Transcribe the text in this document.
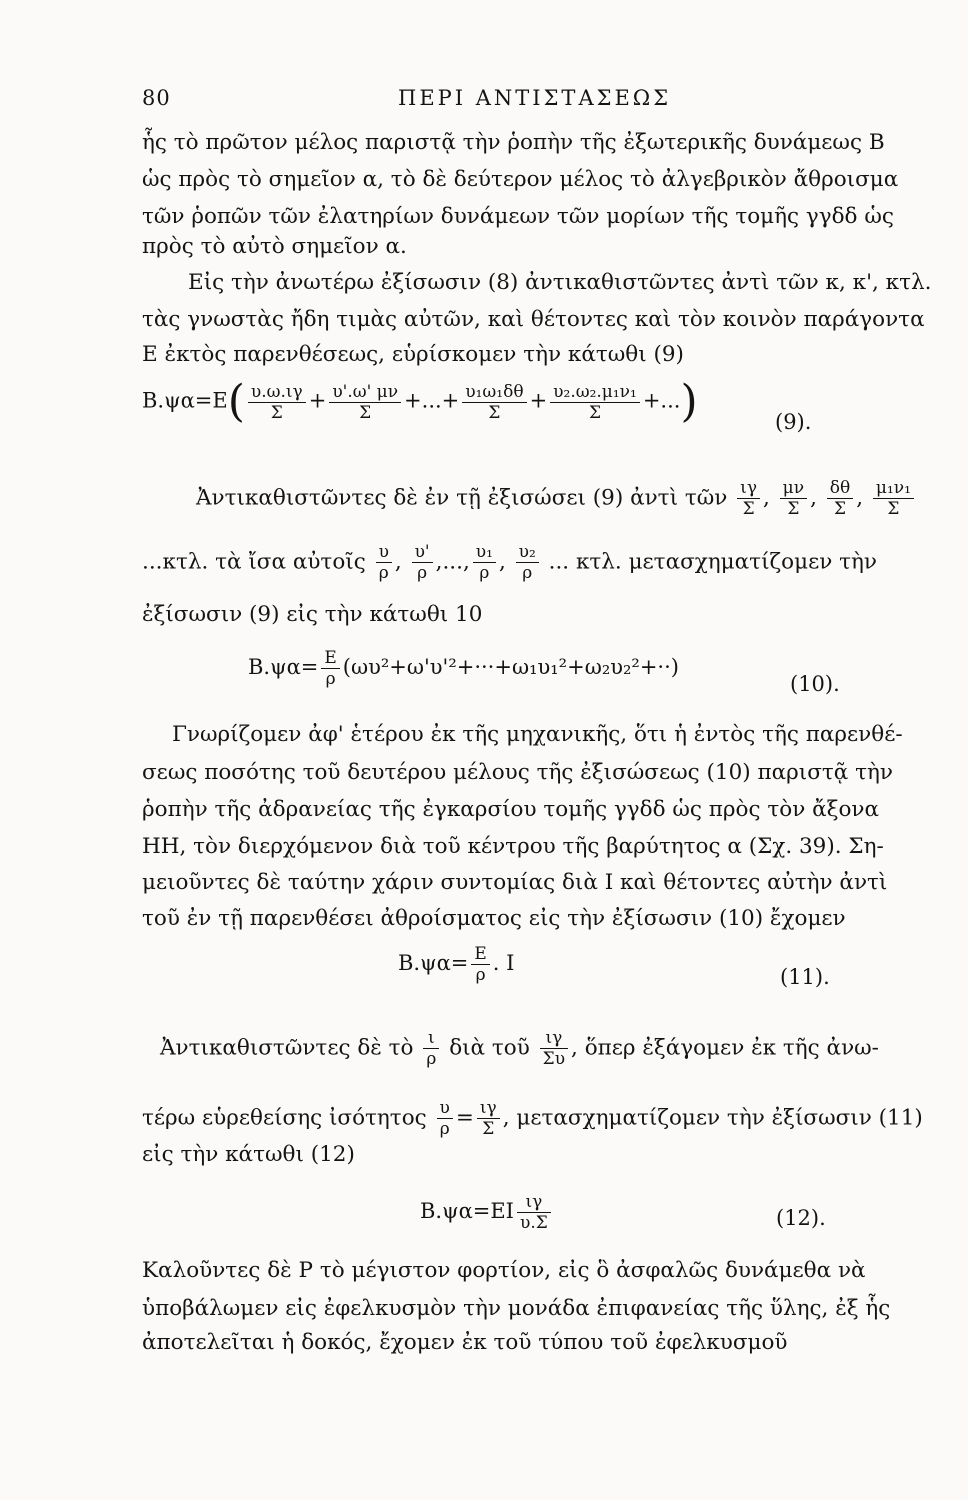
80	ΠΕΡΙ ΑΝΤΙΣΤΑΣΕΩΣ
ἧς τὸ πρῶτον μέλος παριστᾷ τὴν ῥοπὴν τῆς ἐξωτερικῆς δυνάμεως Β
ὡς πρὸς τὸ σημεῖον α, τὸ δὲ δεύτερον μέλος τὸ ἀλγεβρικὸν ἄθροισμα
τῶν ῥοπῶν τῶν ἐλατηρίων δυνάμεων τῶν μορίων τῆς τομῆς γγδδ ὡς
πρὸς τὸ αὐτὸ σημεῖον α.
Εἰς τὴν ἀνωτέρω ἐξίσωσιν (8) ἀντικαθιστῶντες ἀντὶ τῶν κ, κ', κτλ.
τὰς γνωστὰς ἤδη τιμὰς αὐτῶν, καὶ θέτοντες καὶ τὸν κοινὸν παράγοντα
Ε ἐκτὸς παρενθέσεως, εὑρίσκομεν τὴν κάτωθι (9)
$B.\psi\alpha=E( \frac{\upsilon.\omega.\iota\gamma}{\Sigma} + \frac{\upsilon'.\omega' \mu\nu}{\Sigma}$ +...+ $\frac{\text{υ₁ω₁δθ}}{\Sigma} + \frac{\text{υ₂.ω₂.μ₁ν₁}}{\Sigma}$ +...)	(9).
Ἀντικαθιστῶντες δὲ ἐν τῇ ἐξισώσει (9) ἀντὶ τῶν $\frac{\iota\gamma}{\Sigma}$ , $\frac{\mu\nu}{\Sigma}$ , $\frac{\delta\theta}{\Sigma}$ , $\frac{\text{μ₁ν₁}}{\Sigma}$
...κτλ. τὰ ἴσα αὐτοῖς $\frac{\upsilon}{\rho}$ , $\frac{\upsilon'}{\rho}$ ,..., $\frac{\text{υ₁}}{\rho}$ , $\frac{\text{υ₂}}{\rho}$ ... κτλ. μετασχηματίζομεν τὴν
ἐξίσωσιν (9) εἰς τὴν κάτωθι 10
$B.\psi\alpha= \frac{E}{\rho} (\omega\upsilon^2+\omega'\upsilon'^2+\cdot\cdot\cdot+\omega_1\upsilon_1^2+\omega_2\upsilon_2^2+\cdot\cdot)$
(10).
Γνωρίζομεν ἀφ' ἑτέρου ἐκ τῆς μηχανικῆς, ὅτι ἡ ἐντὸς τῆς παρενθέ-
σεως ποσότης τοῦ δευτέρου μέλους τῆς ἐξισώσεως (10) παριστᾷ τὴν
ῥοπὴν τῆς ἀδρανείας τῆς ἐγκαρσίου τομῆς γγδδ ὡς πρὸς τὸν ἄξονα
ΗΗ, τὸν διερχόμενον διὰ τοῦ κέντρου τῆς βαρύτητος α (Σχ. 39). Ση-
μειοῦντες δὲ ταύτην χάριν συντομίας διὰ Ι καὶ θέτοντες αὐτὴν ἀντὶ
τοῦ ἐν τῇ παρενθέσει ἀθροίσματος εἰς τὴν ἐξίσωσιν (10) ἔχομεν
$B.\psi\alpha= \frac{E}{\rho}$ . Ι
(11).
Ἀντικαθιστῶντες δὲ τὸ $\frac{\iota}{\rho}$ διὰ τοῦ $\frac{\iota\gamma}{\Sigma\upsilon}$ , ὅπερ ἐξάγομεν ἐκ τῆς ἀνω-
τέρω εὑρεθείσης ἰσότητος $\frac{\upsilon}{\rho} = \frac{\iota\gamma}{\Sigma}$ , μετασχηματίζομεν τὴν ἐξίσωσιν (11)
εἰς τὴν κάτωθι (12)
$B.\psi\alpha=EI \frac{\iota\gamma}{\upsilon.\Sigma}$	(12).
Καλοῦντες δὲ Ρ τὸ μέγιστον φορτίον, εἰς ὃ ἀσφαλῶς δυνάμεθα νὰ
ὑποβάλωμεν εἰς ἐφελκυσμὸν τὴν μονάδα ἐπιφανείας τῆς ὕλης, ἐξ ἧς
ἀποτελεῖται ἡ δοκός, ἔχομεν ἐκ τοῦ τύπου τοῦ ἐφελκυσμοῦ
